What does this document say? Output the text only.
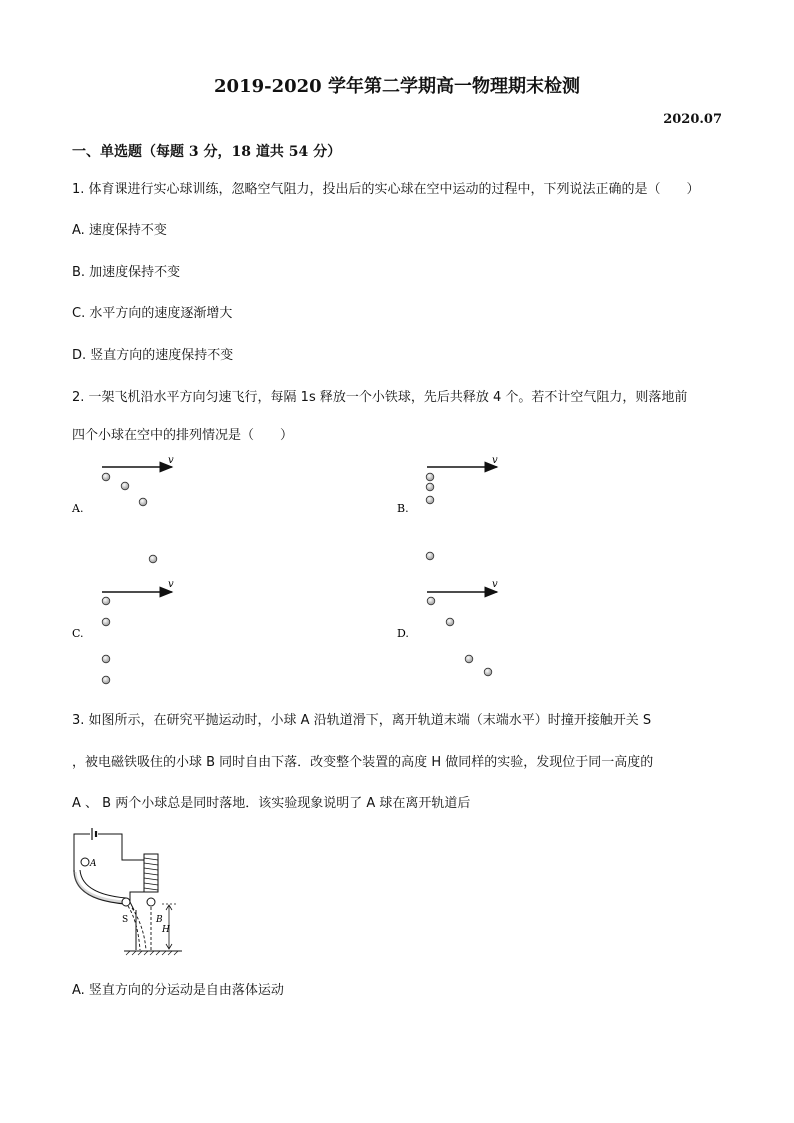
2019-2020 学年第二学期高一物理期末检测
2020.07
一、单选题（每题 3 分，18 道共 54 分）
1. 体育课进行实心球训练，忽略空气阻力，投出后的实心球在空中运动的过程中，下列说法正确的是（　　）
A. 速度保持不变
B. 加速度保持不变
C. 水平方向的速度逐渐增大
D. 竖直方向的速度保持不变
2. 一架飞机沿水平方向匀速飞行，每隔 1s 释放一个小铁球，先后共释放 4 个。若不计空气阻力，则落地前
四个小球在空中的排列情况是（　　）
v
A.
v
B.
v
C.
v
D.
3. 如图所示，在研究平抛运动时，小球 A 沿轨道滑下，离开轨道末端（末端水平）时撞开接触开关 S
，被电磁铁吸住的小球 B 同时自由下落．改变整个装置的高度 H 做同样的实验，发现位于同一高度的
A 、 B 两个小球总是同时落地．该实验现象说明了 A 球在离开轨道后
A
S	B
H
A. 竖直方向的分运动是自由落体运动
